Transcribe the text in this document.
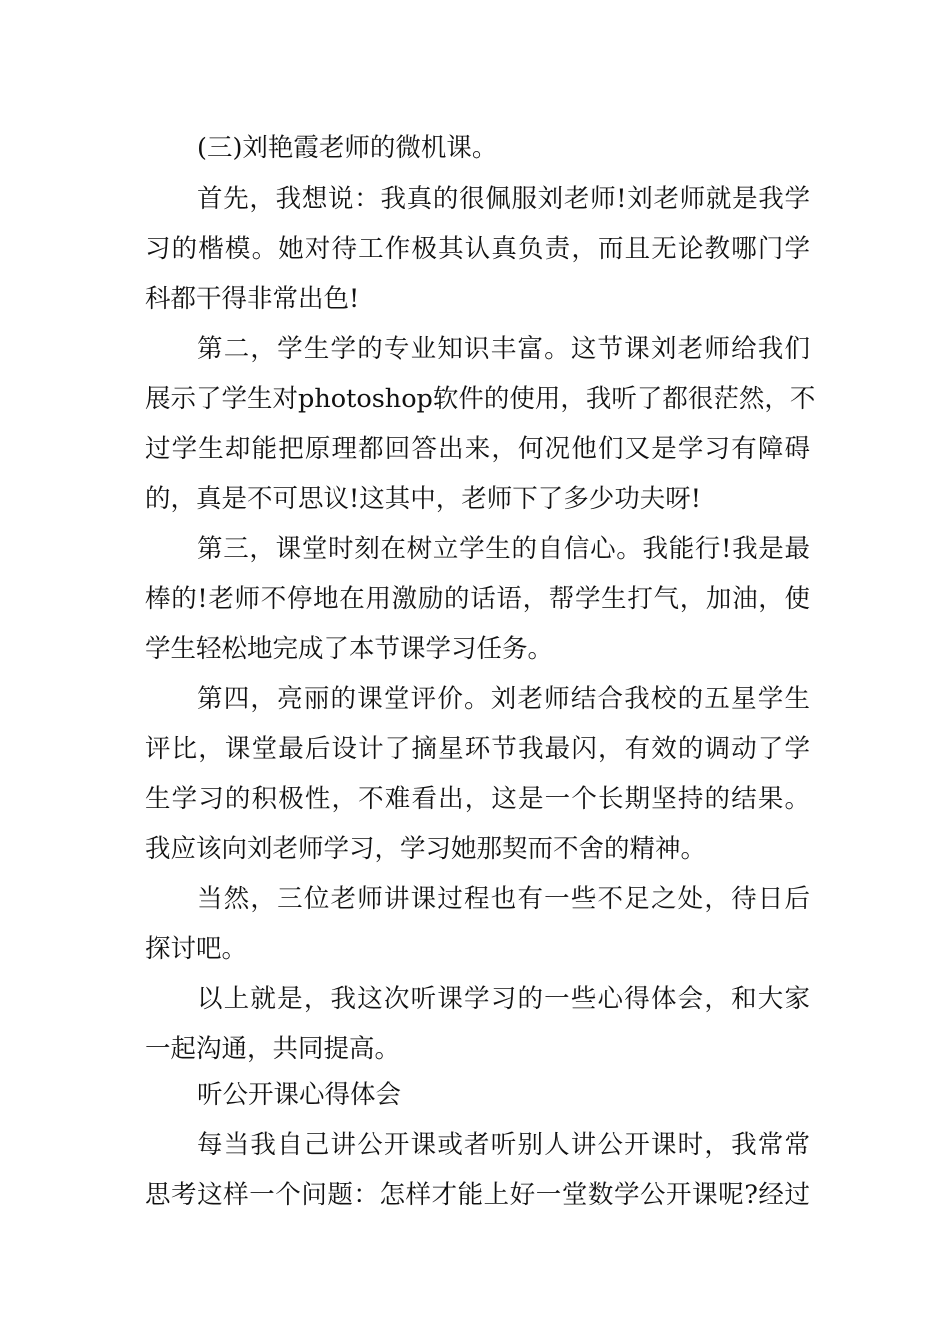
(三)刘艳霞老师的微机课。
首先，我想说：我真的很佩服刘老师!刘老师就是我学
习的楷模。她对待工作极其认真负责，而且无论教哪门学
科都干得非常出色!
第二，学生学的专业知识丰富。这节课刘老师给我们
展示了学生对photoshop软件的使用，我听了都很茫然，不
过学生却能把原理都回答出来，何况他们又是学习有障碍
的，真是不可思议!这其中，老师下了多少功夫呀!
第三，课堂时刻在树立学生的自信心。我能行!我是最
棒的!老师不停地在用激励的话语，帮学生打气，加油，使
学生轻松地完成了本节课学习任务。
第四，亮丽的课堂评价。刘老师结合我校的五星学生
评比，课堂最后设计了摘星环节我最闪，有效的调动了学
生学习的积极性，不难看出，这是一个长期坚持的结果。
我应该向刘老师学习，学习她那契而不舍的精神。
当然，三位老师讲课过程也有一些不足之处，待日后
探讨吧。
以上就是，我这次听课学习的一些心得体会，和大家
一起沟通，共同提高。
听公开课心得体会
每当我自己讲公开课或者听别人讲公开课时，我常常
思考这样一个问题：怎样才能上好一堂数学公开课呢?经过
